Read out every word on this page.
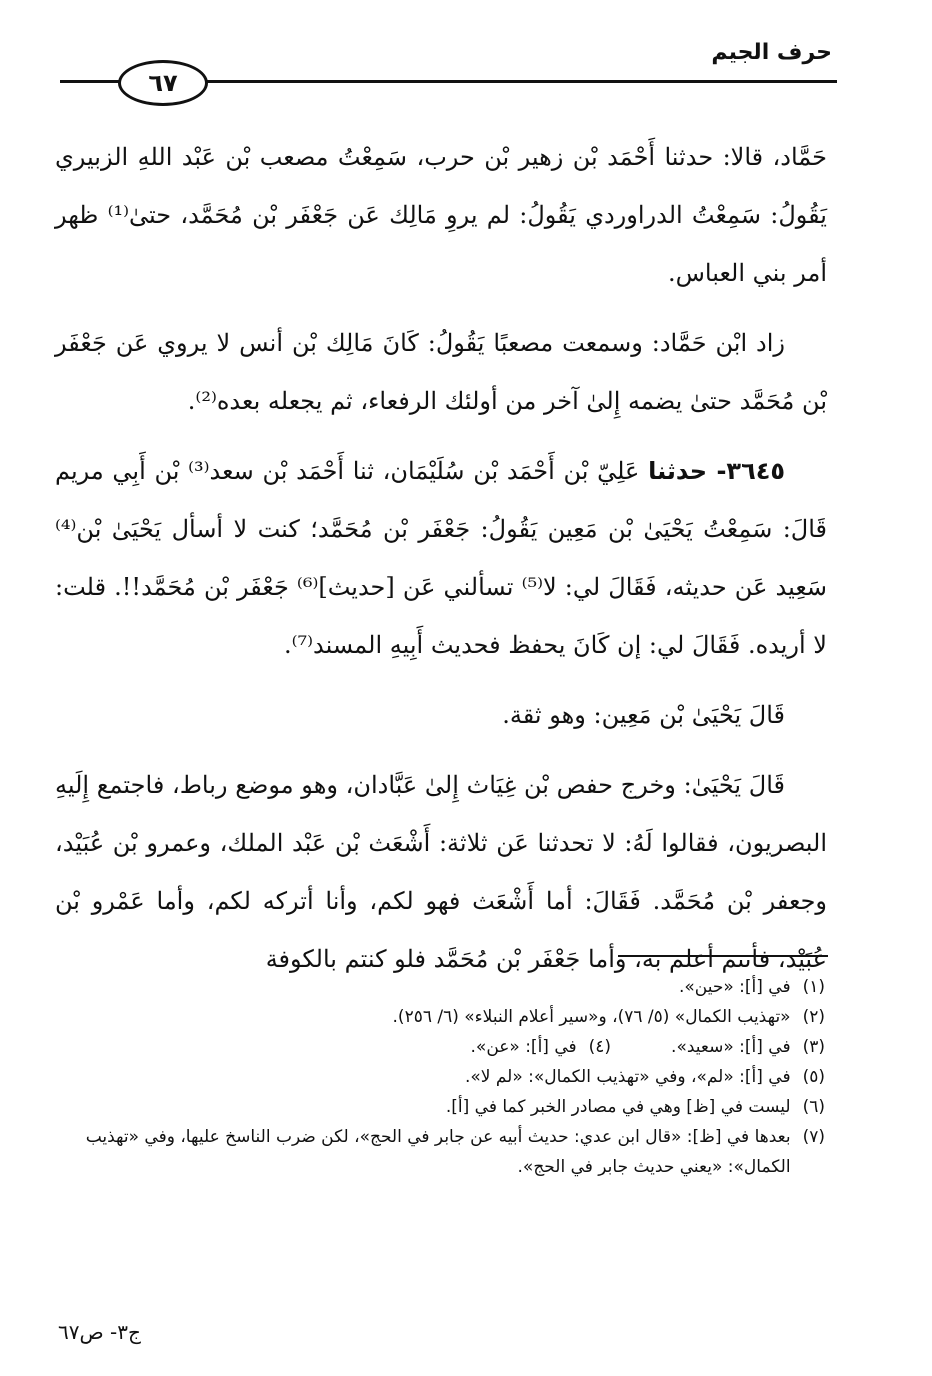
حرف الجيم
٦٧

حَمَّاد، قالا: حدثنا أَحْمَد بْن زهير بْن حرب، سَمِعْتُ مصعب بْن عَبْد اللهِ الزبيري يَقُولُ: سَمِعْتُ الدراوردي يَقُولُ: لم يروِ مَالِك عَن جَعْفَر بْن مُحَمَّد، حتىٰ⁽¹⁾ ظهر أمر بني العباس.

زاد ابْن حَمَّاد: وسمعت مصعبًا يَقُولُ: كَانَ مَالِك بْن أنس لا يروي عَن جَعْفَر بْن مُحَمَّد حتىٰ يضمه إِلىٰ آخر من أولئك الرفعاء، ثم يجعله بعده⁽²⁾.

٣٦٤٥- حدثنا عَلِيّ بْن أَحْمَد بْن سُلَيْمَان، ثنا أَحْمَد بْن سعد⁽³⁾ بْن أَبِي مريم قَالَ: سَمِعْتُ يَحْيَىٰ بْن مَعِين يَقُولُ: جَعْفَر بْن مُحَمَّد؛ كنت لا أسأل يَحْيَىٰ بْن⁽⁴⁾ سَعِيد عَن حديثه، فَقَالَ لي: لا⁽⁵⁾ تسألني عَن [حديث]⁽⁶⁾ جَعْفَر بْن مُحَمَّد!!. قلت: لا أريده. فَقَالَ لي: إن كَانَ يحفظ فحديث أَبِيهِ المسند⁽⁷⁾.

قَالَ يَحْيَىٰ بْن مَعِين: وهو ثقة.

قَالَ يَحْيَىٰ: وخرج حفص بْن غِيَاث إِلىٰ عَبَّادان، وهو موضع رباط، فاجتمع إِلَيهِ البصريون، فقالوا لَهُ: لا تحدثنا عَن ثلاثة: أَشْعَث بْن عَبْد الملك، وعمرو بْن عُبَيْد، وجعفر بْن مُحَمَّد. فَقَالَ: أما أَشْعَث فهو لكم، وأنا أتركه لكم، وأما عَمْرو بْن عُبَيْد، فأنتم أعلم به، وأما جَعْفَر بْن مُحَمَّد فلو كنتم بالكوفة

(١)
في [أ]: «حين».
(٢)
«تهذيب الكمال» (٥/ ٧٦)، و«سير أعلام النبلاء» (٦/ ٢٥٦).
(٣)
في [أ]: «سعيد».
(٤)
في [أ]: «عن».
(٥)
في [أ]: «لم»، وفي «تهذيب الكمال»: «لم لا».
(٦)
ليست في [ظ] وهي في مصادر الخبر كما في [أ].
(٧)
بعدها في [ظ]: «قال ابن عدي: حديث أبيه عن جابر في الحج»، لكن ضرب الناسخ عليها، وفي «تهذيب الكمال»: «يعني حديث جابر في الحج».
ج٣- ص٦٧
